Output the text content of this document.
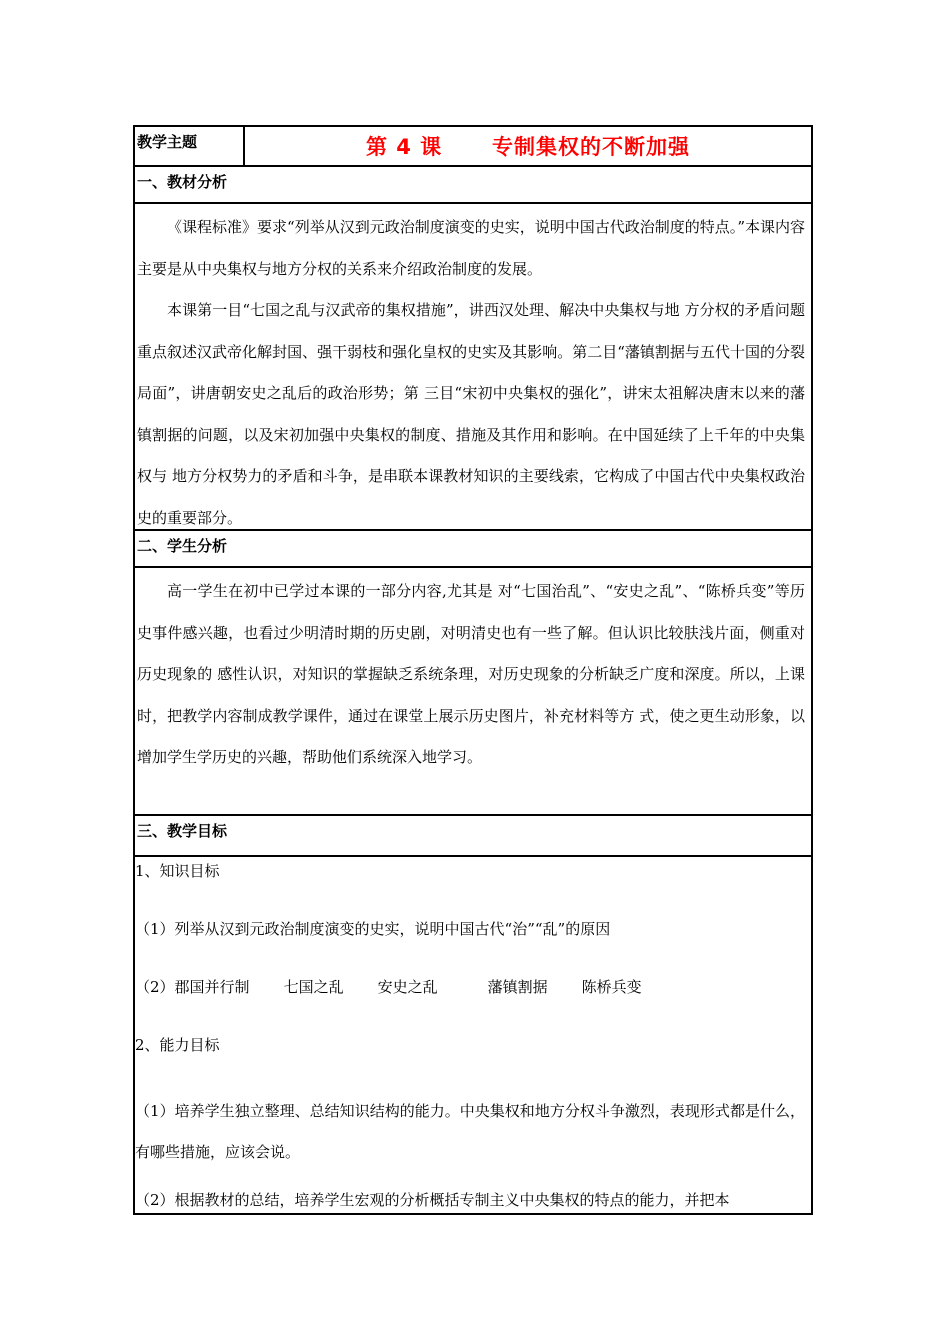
教学主题	第 4 课      专制集权的不断加强
一、教材分析

《课程标准》要求“列举从汉到元政治制度演变的史实，说明中国古代政治制度的特点。”本课内容主要是从中央集权与地方分权的关系来介绍政治制度的发展。

本课第一目“七国之乱与汉武帝的集权措施”，讲西汉处理、解决中央集权与地 方分权的矛盾问题重点叙述汉武帝化解封国、强干弱枝和强化皇权的史实及其影响。第二目“藩镇割据与五代十国的分裂局面”，讲唐朝安史之乱后的政治形势；第 三目“宋初中央集权的强化”，讲宋太祖解决唐末以来的藩镇割据的问题，以及宋初加强中央集权的制度、措施及其作用和影响。在中国延续了上千年的中央集权与 地方分权势力的矛盾和斗争，是串联本课教材知识的主要线索，它构成了中国古代中央集权政治史的重要部分。

二、学生分析

高一学生在初中已学过本课的一部分内容,尤其是 对“七国治乱”、“安史之乱”、“陈桥兵变”等历史事件感兴趣，也看过少明清时期的历史剧，对明清史也有一些了解。但认识比较肤浅片面，侧重对历史现象的 感性认识，对知识的掌握缺乏系统条理，对历史现象的分析缺乏广度和深度。所以，上课时，把教学内容制成教学课件，通过在课堂上展示历史图片，补充材料等方 式，使之更生动形象，以增加学生学历史的兴趣，帮助他们系统深入地学习。

三、教学目标

1、知识目标

（1）列举从汉到元政治制度演变的史实，说明中国古代“治”“乱”的原因

（2）郡国并行制 七国之乱 安史之乱	藩镇割据 陈桥兵变

2、能力目标

（1）培养学生独立整理、总结知识结构的能力。中央集权和地方分权斗争激烈，表现形式都是什么，有哪些措施，应该会说。

（2）根据教材的总结，培养学生宏观的分析概括专制主义中央集权的特点的能力，并把本
